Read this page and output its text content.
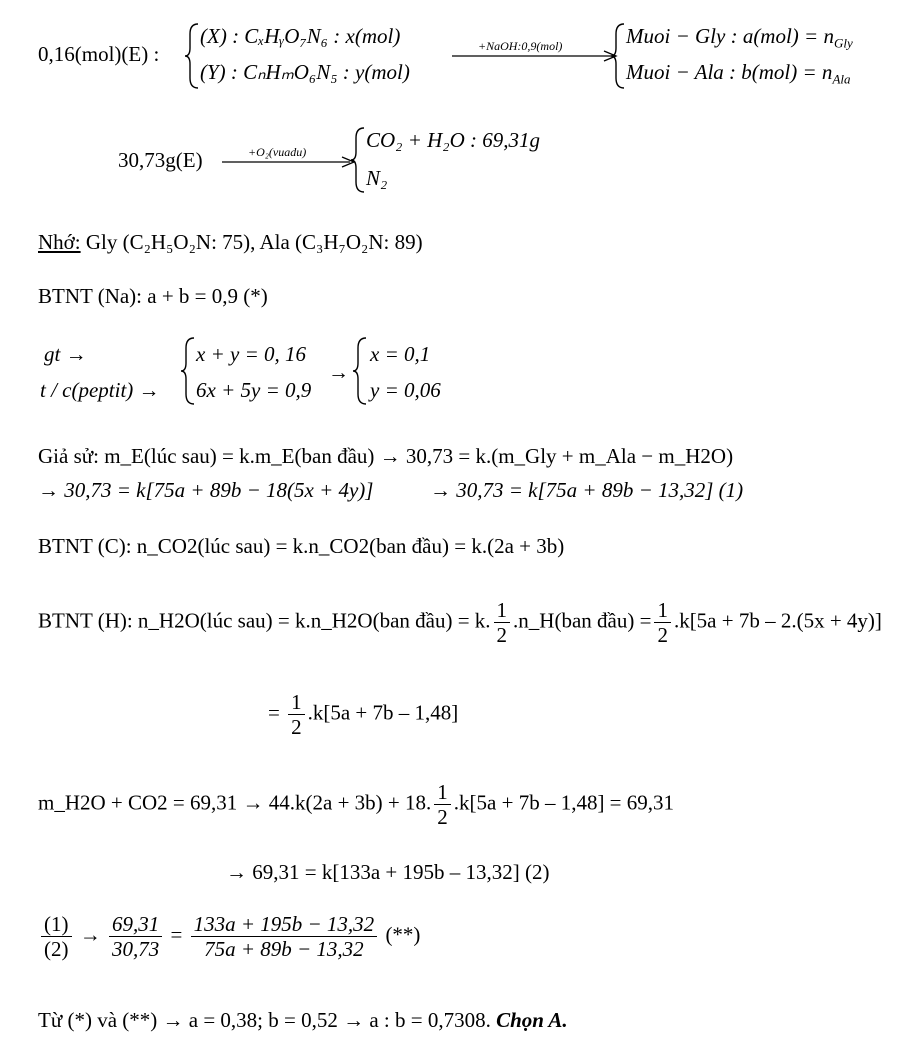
0,16(mol)(E) :
(X) : CₓHᵧO₇N₆ : x(mol)
(Y) : CₙHₘO₆N₅ : y(mol)
+NaOH:0,9(mol)	Muoi − Gly : $a(mol) = n_{Gly}$
Muoi − Ala : $b(mol) = n_{Ala}$
30,73g(E)	+O₂(vuadu)	CO₂ + H₂O : 69,31g
N₂
Nhớ: Gly (C₂H₅O₂N: 75), Ala (C₃H₇O₂N: 89)
BTNT (Na): a + b = 0,9 (*)
gt →
t / c(peptit) →
x + y = 0, 16
6x + 5y = 0,9
→
x = 0,1
y = 0,06
Giả sử: m_E(lúc sau) = k.m_E(ban đầu) → 30,73 = k.(m_Gly + m_Ala − m_H2O)
→ 30,73 = k[75a + 89b − 18(5x + 4y)]	→ 30,73 = k[75a + 89b − 13,32] (1)
BTNT (C): n_CO2(lúc sau) = k.n_CO2(ban đầu) = k.(2a + 3b)
BTNT (H): n_H2O(lúc sau) = k.n_H2O(ban đầu) = k. $\frac{1}{2}$ .n_H(ban đầu) = $\frac{1}{2} .k[5a + 7b - 2.(5x + 4y)]$
= $\frac{1}{2} .k[5a + 7b - 1,48]$
m_H2O + CO2 = 69,31 → 44.k(2a + 3b) + 18. $\frac{1}{2} .k[5a + 7b - 1,48] = 69,31$
→ 69,31 = k[133a + 195b – 13,32] (2)
$\frac{(1)}{(2)} \to \frac{69,31}{30,73} = \frac{133a + 195b - 13,32}{75a + 89b - 13,32}$ (**)
Từ (*) và (**) → a = 0,38; b = 0,52 → a : b = 0,7308. Chọn A.
